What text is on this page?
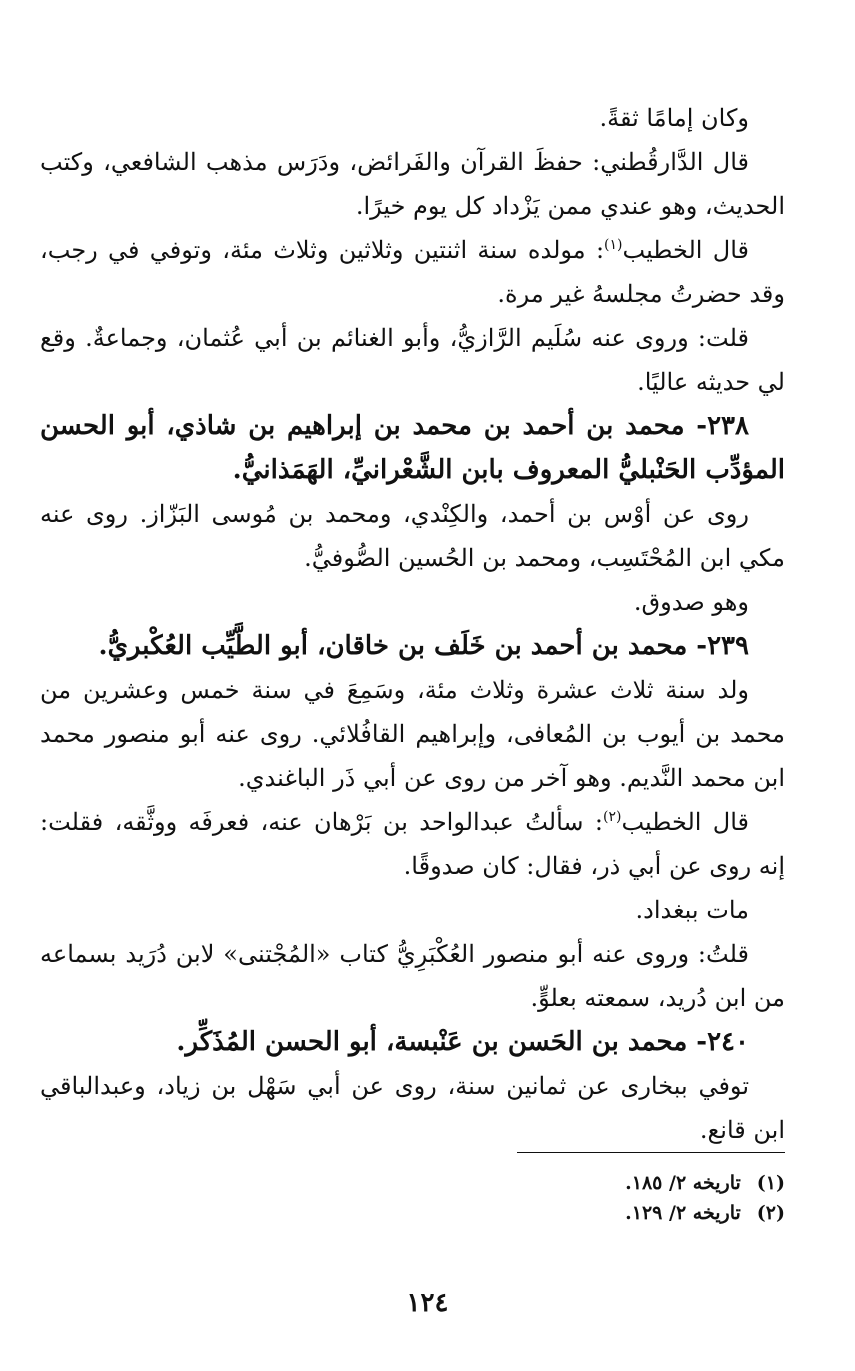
وكان إمامًا ثقةً.

قال الدَّارقُطني: حفظَ القرآن والفَرائض، ودَرَس مذهب الشافعي، وكتب الحديث، وهو عندي ممن يَزْداد كل يوم خيرًا.

قال الخطيب$^{(١)}$: مولده سنة اثنتين وثلاثين وثلاث مئة، وتوفي في رجب، وقد حضرتُ مجلسهُ غير مرة.

قلت: وروى عنه سُلَيم الرَّازيُّ، وأبو الغنائم بن أبي عُثمان، وجماعةٌ. وقع لي حديثه عاليًا.

٢٣٨- محمد بن أحمد بن محمد بن إبراهيم بن شاذي، أبو الحسن المؤدِّب الحَنْبليُّ المعروف بابن الشَّعْرانيِّ، الهَمَذانيُّ.

روى عن أوْس بن أحمد، والكِنْدي، ومحمد بن مُوسى البَزّاز. روى عنه مكي ابن المُحْتَسِب، ومحمد بن الحُسين الصُّوفيُّ.

وهو صدوق.

٢٣٩- محمد بن أحمد بن خَلَف بن خاقان، أبو الطَّيِّب العُكْبريُّ.

ولد سنة ثلاث عشرة وثلاث مئة، وسَمِعَ في سنة خمس وعشرين من محمد بن أيوب بن المُعافى، وإبراهيم القافُلائي. روى عنه أبو منصور محمد ابن محمد النَّديم. وهو آخر من روى عن أبي ذَر الباغندي.

قال الخطيب$^{(٢)}$: سألتُ عبدالواحد بن بَرْهان عنه، فعرفَه ووثَّقه، فقلت: إنه روى عن أبي ذر، فقال: كان صدوقًا.

مات ببغداد.

قلتُ: وروى عنه أبو منصور العُكْبَرِيُّ كتاب «المُجْتنى» لابن دُرَيد بسماعه من ابن دُريد، سمعته بعلوٍّ.

٢٤٠- محمد بن الحَسن بن عَنْبسة، أبو الحسن المُذَكِّر.

توفي ببخارى عن ثمانين سنة، روى عن أبي سَهْل بن زياد، وعبدالباقي ابن قانع.

(١)تاريخه ٢/ ١٨٥.

(٢)تاريخه ٢/ ١٢٩.

١٢٤
